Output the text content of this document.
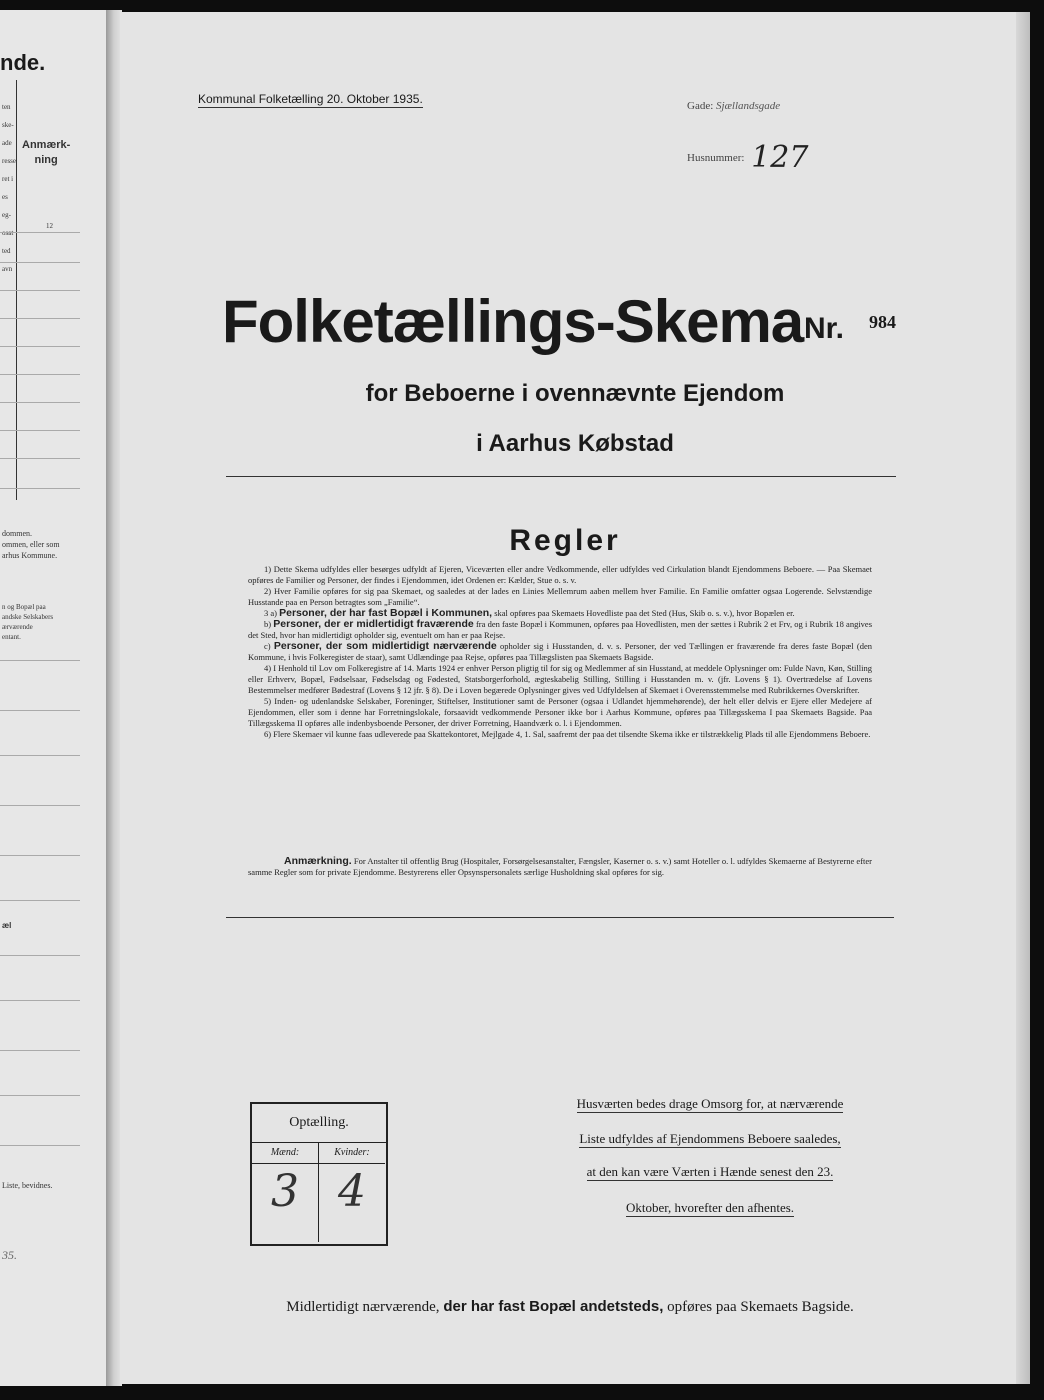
nde.

ten

ske-

ade

resse

ret i

es

eg-

osat

ted

avn

Anmærk-
ning
12
dommen.
ommen, eller som
arhus Kommune.
n og Bopæl paa
andske Selskabers
ærværende
entant.
æl
Liste, bevidnes.
35.
Kommunal Folketælling 20. Oktober 1935.	Gade: Sjællandsgade
Husnummer: 127
Folketællings-Skema Nr. 984
for Beboerne i ovennævnte Ejendom
i Aarhus Købstad
Regler

1) Dette Skema udfyldes eller besørges udfyldt af Ejeren, Viceværten eller andre Vedkommende, eller udfyldes ved Cirkulation blandt Ejendommens Beboere. — Paa Skemaet opføres de Familier og Personer, der findes i Ejendommen, idet Ordenen er: Kælder, Stue o. s. v.

2) Hver Familie opføres for sig paa Skemaet, og saaledes at der lades en Linies Mellemrum aaben mellem hver Familie. En Familie omfatter ogsaa Logerende. Selvstændige Husstande paa en Person betragtes som „Familie“.

3 a) Personer, der har fast Bopæl i Kommunen, skal opføres paa Skemaets Hovedliste paa det Sted (Hus, Skib o. s. v.), hvor Bopælen er.

b) Personer, der er midlertidigt fraværende fra den faste Bopæl i Kommunen, opføres paa Hovedlisten, men der sættes i Rubrik 2 et Frv, og i Rubrik 18 angives det Sted, hvor han midlertidigt opholder sig, eventuelt om han er paa Rejse.

c) Personer, der som midlertidigt nærværende opholder sig i Husstanden, d. v. s. Personer, der ved Tællingen er fraværende fra deres faste Bopæl (den Kommune, i hvis Folkeregister de staar), samt Udlændinge paa Rejse, opføres paa Tillægslisten paa Skemaets Bagside.

4) I Henhold til Lov om Folkeregistre af 14. Marts 1924 er enhver Person pligtig til for sig og Medlemmer af sin Husstand, at meddele Oplysninger om: Fulde Navn, Køn, Stilling eller Erhverv, Bopæl, Fødselsaar, Fødselsdag og Fødested, Statsborgerforhold, ægteskabelig Stilling, Stilling i Husstanden m. v. (jfr. Lovens § 1). Overtrædelse af Lovens Bestemmelser medfører Bødestraf (Lovens § 12 jfr. § 8). De i Loven begærede Oplysninger gives ved Udfyldelsen af Skemaet i Overensstemmelse med Rubrikkernes Overskrifter.

5) Inden- og udenlandske Selskaber, Foreninger, Stiftelser, Institutioner samt de Personer (ogsaa i Udlandet hjemmehørende), der helt eller delvis er Ejere eller Medejere af Ejendommen, eller som i denne har Forretningslokale, forsaavidt vedkommende Personer ikke bor i Aarhus Kommune, opføres paa Tillægsskema I paa Skemaets Bagside. Paa Tillægsskema II opføres alle indenbysboende Personer, der driver Forretning, Haandværk o. l. i Ejendommen.

6) Flere Skemaer vil kunne faas udleverede paa Skattekontoret, Mejlgade 4, 1. Sal, saafremt der paa det tilsendte Skema ikke er tilstrækkelig Plads til alle Ejendommens Beboere.

Anmærkning. For Anstalter til offentlig Brug (Hospitaler, Forsørgelsesanstalter, Fængsler, Kaserner o. s. v.) samt Hoteller o. l. udfyldes Skemaerne af Bestyrerne efter samme Regler som for private Ejendomme. Bestyrerens eller Opsynspersonalets særlige Husholdning skal opføres for sig.

Optælling.
Mænd:	Kvinder:
3 4
Husværten bedes drage Omsorg for, at nærværende
Liste udfyldes af Ejendommens Beboere saaledes,
at den kan være Værten i Hænde senest den 23.
Oktober, hvorefter den afhentes.
Midlertidigt nærværende, der har fast Bopæl andetsteds, opføres paa Skemaets Bagside.
